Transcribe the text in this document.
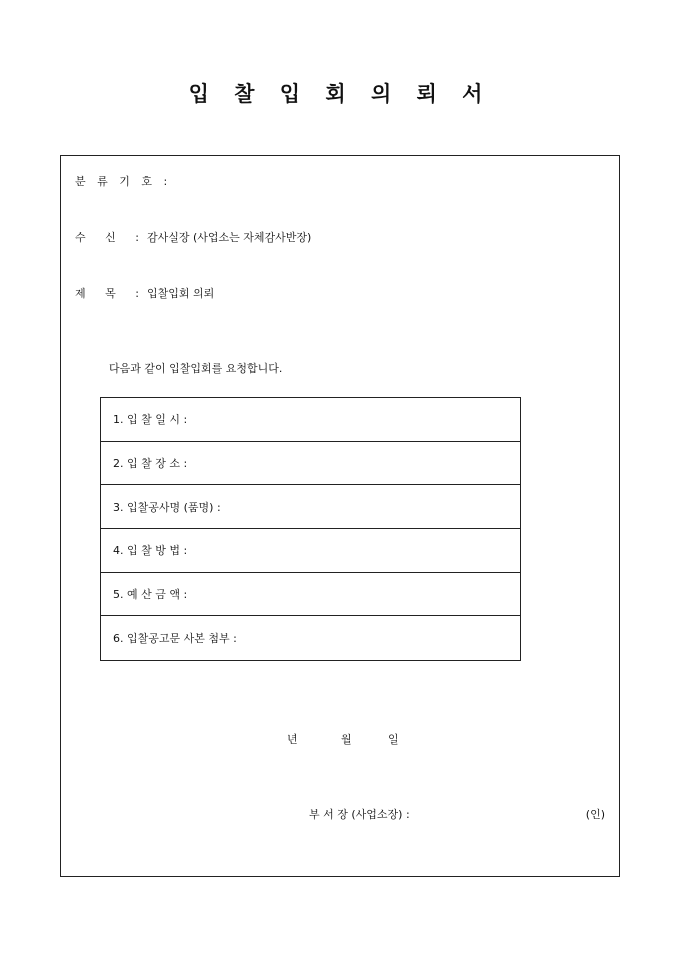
입 찰 입 회 의 뢰 서
분 류 기 호 :
수 신 : 감사실장 (사업소는 자체감사반장)
제 목 : 입찰입회 의뢰
다음과 같이 입찰입회를 요청합니다.
1. 입 찰 일 시 :
2. 입 찰 장 소 :
3. 입찰공사명 (품명) :
4. 입 찰 방 법 :
5. 예 산 금 액 :
6. 입찰공고문 사본 첨부 :
년	월	일
부 서 장 (사업소장) :	(인)
